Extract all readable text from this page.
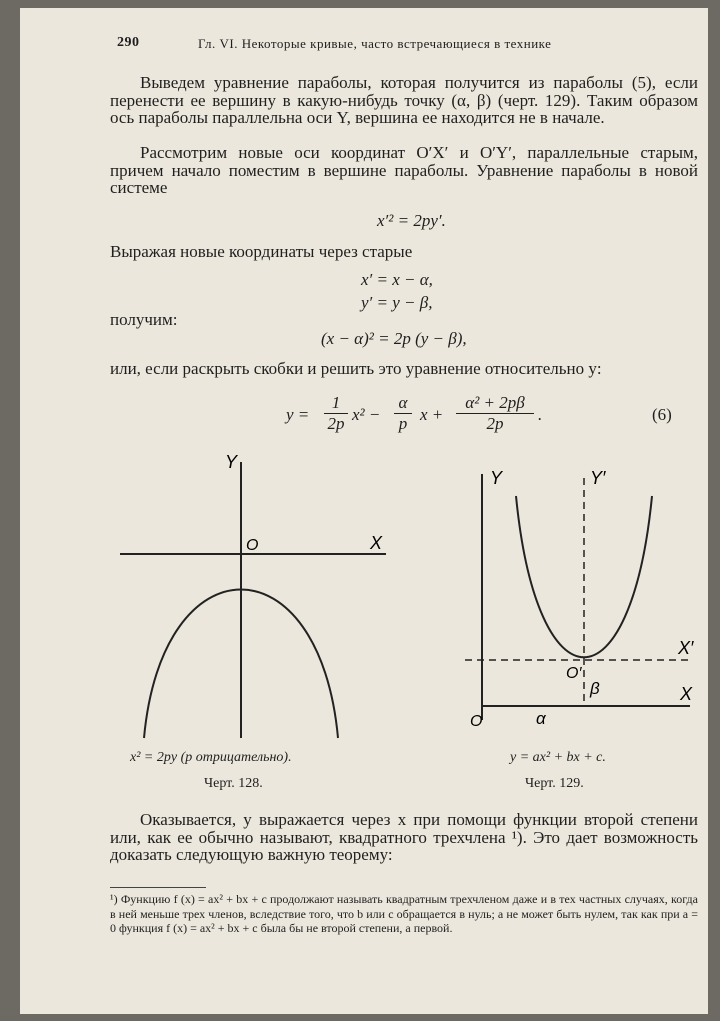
290	Гл. VI. Некоторые кривые, часто встречающиеся в технике
Выведем уравнение параболы, которая получится из параболы (5), если перенести ее вершину в какую-нибудь точку (α, β) (черт. 129). Таким образом ось параболы параллельна оси Y, вершина ее находится не в начале.
Рассмотрим новые оси координат O′X′ и O′Y′, параллельные старым, причем начало поместим в вершине параболы. Уравнение параболы в новой системе
x′² = 2py′.
Выражая новые координаты через старые
x′ = x − α,
y′ = y − β,
получим:
(x − α)² = 2p (y − β),
или, если раскрыть скобки и решить это уравнение относительно y:
$y = \frac{1}{2p} x^2 - \frac{\alpha}{p}$ $x + \frac{\text{α² + 2pβ}}{2p}$ .	(6)
Y
X
O
Y	Y′
X′
X
O′
β
O	α
x² = 2py (p отрицательно).
Черт. 128.
y = ax² + bx + c.
Черт. 129.
Оказывается, y выражается через x при помощи функции второй степени или, как ее обычно называют, квадратного трехчлена ¹). Это дает возможность доказать следующую важную теорему:
¹) Функцию f (x) = ax² + bx + c продолжают называть квадратным трехчленом даже и в тех частных случаях, когда в ней меньше трех членов, вследствие того, что b или c обращается в нуль; a не может быть нулем, так как при a = 0 функция f (x) = ax² + bx + c была бы не второй степени, а первой.
